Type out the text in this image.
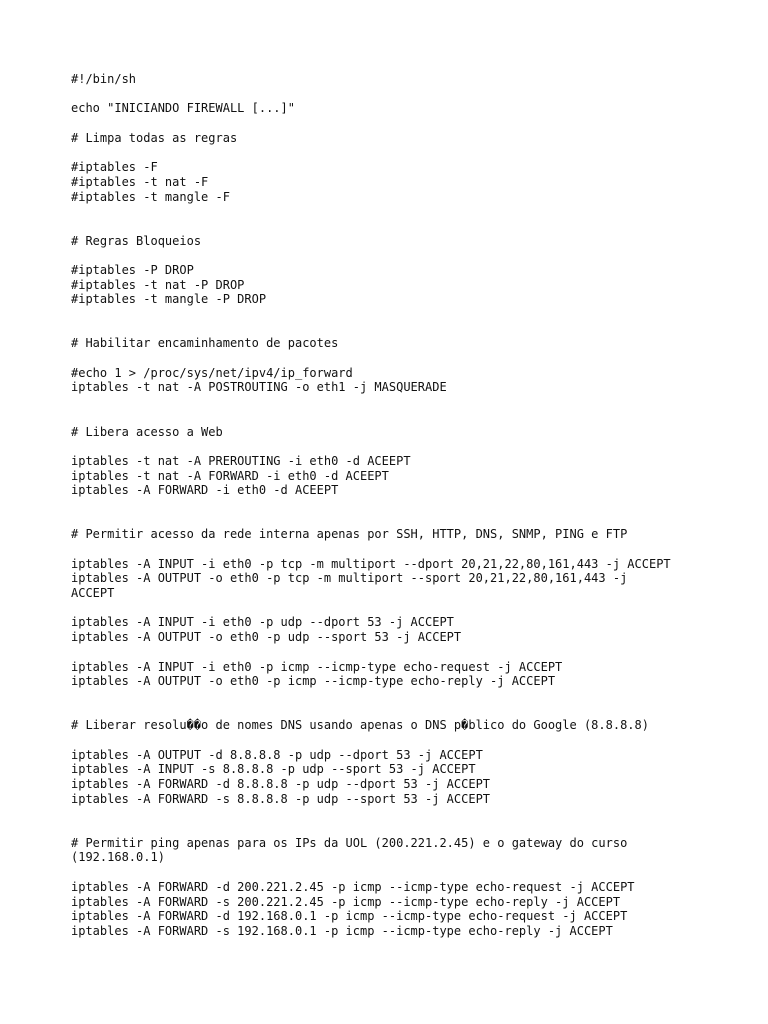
#!/bin/sh
echo "INICIANDO FIREWALL [...]"
# Limpa todas as regras
#iptables -F
#iptables -t nat -F
#iptables -t mangle -F
# Regras Bloqueios
#iptables -P DROP
#iptables -t nat -P DROP
#iptables -t mangle -P DROP
# Habilitar encaminhamento de pacotes
#echo 1 > /proc/sys/net/ipv4/ip_forward
iptables -t nat -A POSTROUTING -o eth1 -j MASQUERADE
# Libera acesso a Web
iptables -t nat -A PREROUTING -i eth0 -d ACEEPT
iptables -t nat -A FORWARD -i eth0 -d ACEEPT
iptables -A FORWARD -i eth0 -d ACEEPT
# Permitir acesso da rede interna apenas por SSH, HTTP, DNS, SNMP, PING e FTP
iptables -A INPUT -i eth0 -p tcp -m multiport --dport 20,21,22,80,161,443 -j ACCEPT
iptables -A OUTPUT -o eth0 -p tcp -m multiport --sport 20,21,22,80,161,443 -j
ACCEPT
iptables -A INPUT -i eth0 -p udp --dport 53 -j ACCEPT
iptables -A OUTPUT -o eth0 -p udp --sport 53 -j ACCEPT
iptables -A INPUT -i eth0 -p icmp --icmp-type echo-request -j ACCEPT
iptables -A OUTPUT -o eth0 -p icmp --icmp-type echo-reply -j ACCEPT
# Liberar resolu��o de nomes DNS usando apenas o DNS p�blico do Google (8.8.8.8)
iptables -A OUTPUT -d 8.8.8.8 -p udp --dport 53 -j ACCEPT
iptables -A INPUT -s 8.8.8.8 -p udp --sport 53 -j ACCEPT
iptables -A FORWARD -d 8.8.8.8 -p udp --dport 53 -j ACCEPT
iptables -A FORWARD -s 8.8.8.8 -p udp --sport 53 -j ACCEPT
# Permitir ping apenas para os IPs da UOL (200.221.2.45) e o gateway do curso
(192.168.0.1)
iptables -A FORWARD -d 200.221.2.45 -p icmp --icmp-type echo-request -j ACCEPT
iptables -A FORWARD -s 200.221.2.45 -p icmp --icmp-type echo-reply -j ACCEPT
iptables -A FORWARD -d 192.168.0.1 -p icmp --icmp-type echo-request -j ACCEPT
iptables -A FORWARD -s 192.168.0.1 -p icmp --icmp-type echo-reply -j ACCEPT
